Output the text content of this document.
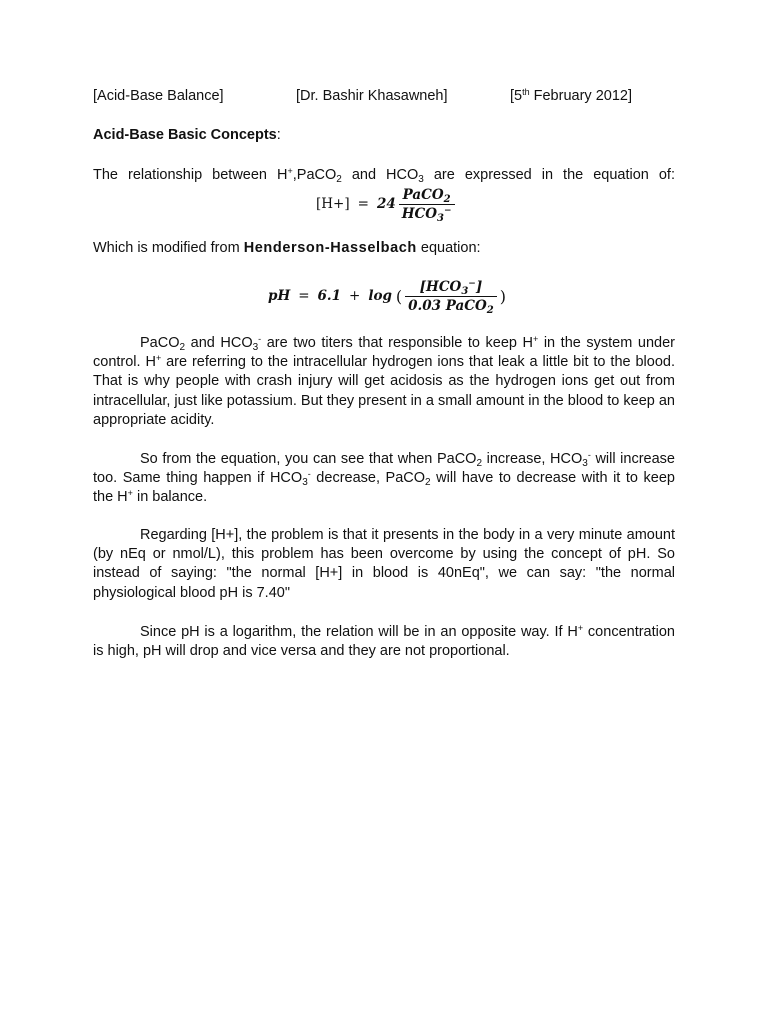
[Acid-Base Balance]	[Dr. Bashir Khasawneh]	[5th February 2012]
Acid-Base Basic Concepts:
The relationship between H+,PaCO$_2$ and $HCO_3$ are expressed in the equation of:
$[H+] = 24 \frac{PaCO_2}{HCO_3^-}$
Which is modified from Henderson-Hasselbach equation:
pH = 6.1 + log ( $\frac{[HCO_3^-]}{0.03 PaCO_2}$ )
PaCO$_2$ and $HCO_3^-$ are two titers that responsible to keep H+ in the system under control. H+ are referring to the intracellular hydrogen ions that leak a little bit to the blood. That is why people with crash injury will get acidosis as the hydrogen ions get out from intracellular, just like potassium. But they present in a small amount in the blood to keep an appropriate acidity.
So from the equation, you can see that when PaCO$_2$ increase, $HCO_3^-$ will increase too. Same thing happen if $HCO_3^-$ decrease, PaCO$_2$ will have to decrease with it to keep the H+ in balance.
Regarding [H+], the problem is that it presents in the body in a very minute amount (by nEq or nmol/L), this problem has been overcome by using the concept of pH. So instead of saying: "the normal [H+] in blood is 40nEq", we can say: "the normal physiological blood pH is 7.40"
Since pH is a logarithm, the relation will be in an opposite way. If H+ concentration is high, pH will drop and vice versa and they are not proportional.
